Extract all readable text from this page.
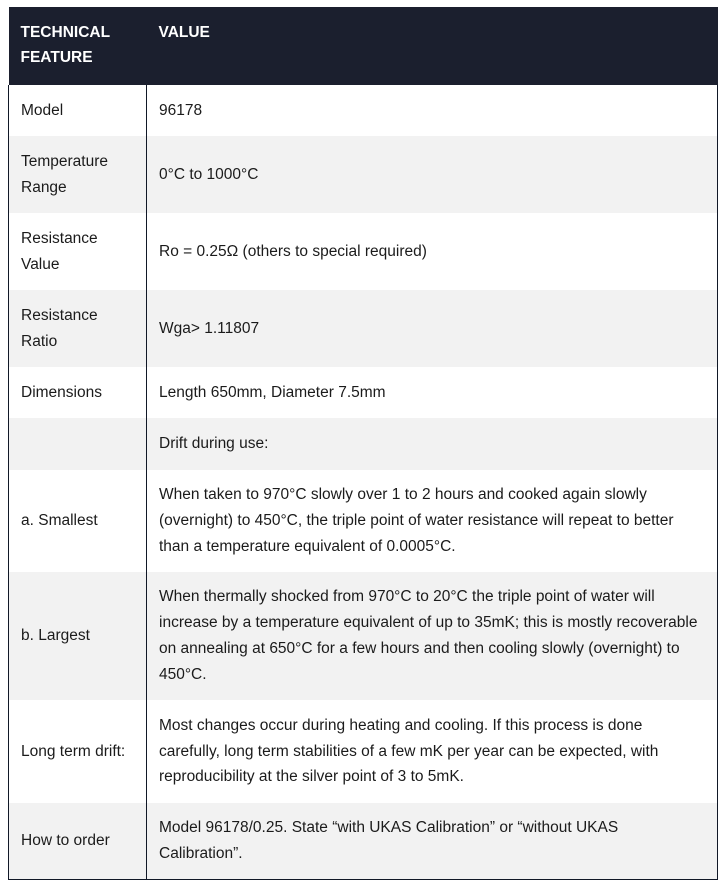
TECHNICAL FEATURE	VALUE
Model	96178
Temperature Range	0°C to 1000°C
Resistance Value	Ro = 0.25Ω (others to special required)
Resistance Ratio	Wga> 1.11807
Dimensions	Length 650mm, Diameter 7.5mm
	Drift during use:
a. Smallest	When taken to 970°C slowly over 1 to 2 hours and cooked again slowly (overnight) to 450°C, the triple point of water resistance will repeat to better than a temperature equivalent of 0.0005°C.
b. Largest	When thermally shocked from 970°C to 20°C the triple point of water will increase by a temperature equivalent of up to 35mK; this is mostly recoverable on annealing at 650°C for a few hours and then cooling slowly (overnight) to 450°C.
Long term drift:	Most changes occur during heating and cooling. If this process is done carefully, long term stabilities of a few mK per year can be expected, with reproducibility at the silver point of 3 to 5mK.
How to order	Model 96178/0.25. State “with UKAS Calibration” or “without UKAS Calibration”.
